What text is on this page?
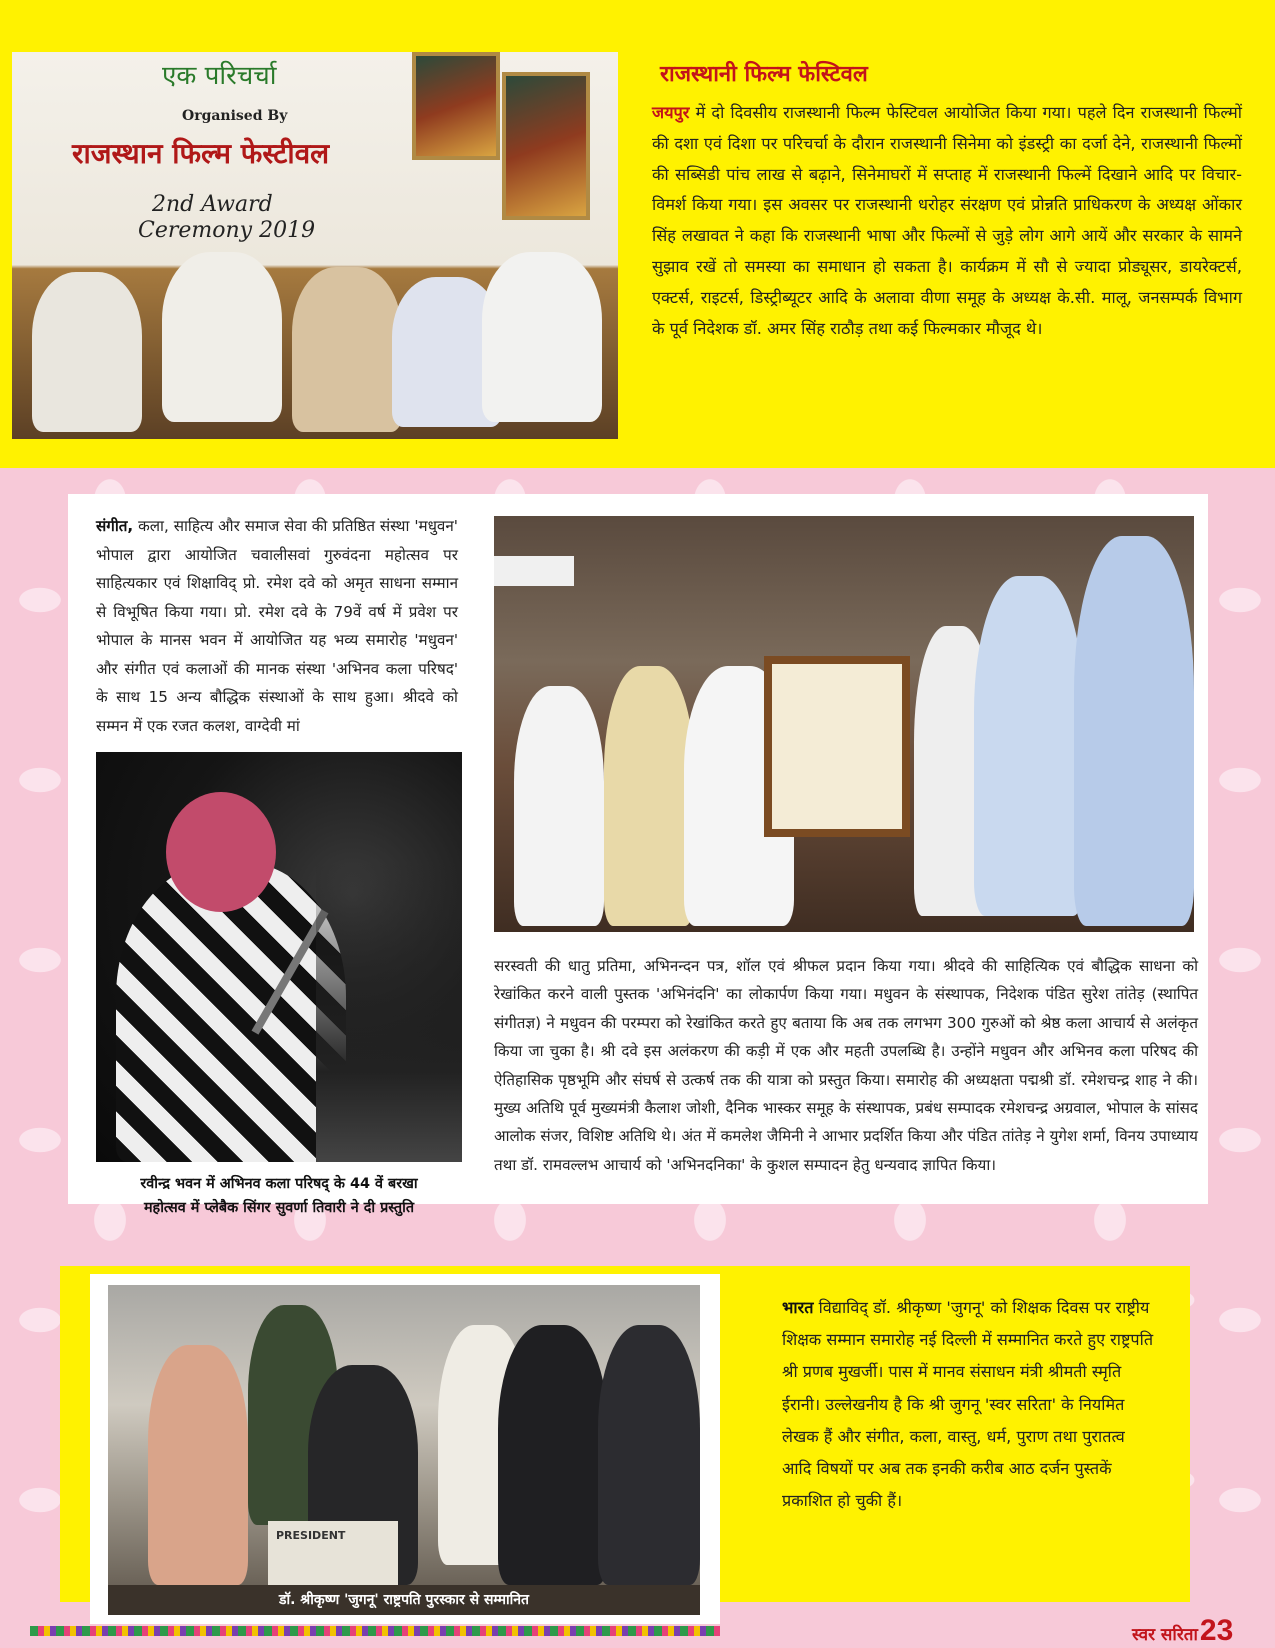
एक परिचर्चा
Organised By
राजस्थान फिल्म फेस्टीवल
2nd Award
Ceremony 2019
राजस्थानी फिल्म फेस्टिवल
जयपुर में दो दिवसीय राजस्थानी फिल्म फेस्टिवल आयोजित किया गया। पहले दिन राजस्थानी फिल्मों की दशा एवं दिशा पर परिचर्चा के दौरान राजस्थानी सिनेमा को इंडस्ट्री का दर्जा देने, राजस्थानी फिल्मों की सब्सिडी पांच लाख से बढ़ाने, सिनेमाघरों में सप्ताह में राजस्थानी फिल्में दिखाने आदि पर विचार-विमर्श किया गया। इस अवसर पर राजस्थानी धरोहर संरक्षण एवं प्रोन्नति प्राधिकरण के अध्यक्ष ओंकार सिंह लखावत ने कहा कि राजस्थानी भाषा और फिल्मों से जुड़े लोग आगे आयें और सरकार के सामने सुझाव रखें तो समस्या का समाधान हो सकता है। कार्यक्रम में सौ से ज्यादा प्रोड्यूसर, डायरेक्टर्स, एक्टर्स, राइटर्स, डिस्ट्रीब्यूटर आदि के अलावा वीणा समूह के अध्यक्ष के.सी. मालू, जनसम्पर्क विभाग के पूर्व निदेशक डॉ. अमर सिंह राठौड़ तथा कई फिल्मकार मौजूद थे।
संगीत, कला, साहित्य और समाज सेवा की प्रतिष्ठित संस्था 'मधुवन' भोपाल द्वारा आयोजित चवालीसवां गुरुवंदना महोत्सव पर साहित्यकार एवं शिक्षाविद् प्रो. रमेश दवे को अमृत साधना सम्मान से विभूषित किया गया। प्रो. रमेश दवे के 79वें वर्ष में प्रवेश पर भोपाल के मानस भवन में आयोजित यह भव्य समारोह 'मधुवन' और संगीत एवं कलाओं की मानक संस्था 'अभिनव कला परिषद' के साथ 15 अन्य बौद्धिक संस्थाओं के साथ हुआ। श्रीदवे को सम्मन में एक रजत कलश, वाग्देवी मां
रवीन्द्र भवन में अभिनव कला परिषद् के 44 वें बरखा
महोत्सव में प्लेबैक सिंगर सुवर्णा तिवारी ने दी प्रस्तुति
सरस्वती की धातु प्रतिमा, अभिनन्दन पत्र, शॉल एवं श्रीफल प्रदान किया गया। श्रीदवे की साहित्यिक एवं बौद्धिक साधना को रेखांकित करने वाली पुस्तक 'अभिनंदनि' का लोकार्पण किया गया। मधुवन के संस्थापक, निदेशक पंडित सुरेश तांतेड़ (स्थापित संगीतज्ञ) ने मधुवन की परम्परा को रेखांकित करते हुए बताया कि अब तक लगभग 300 गुरुओं को श्रेष्ठ कला आचार्य से अलंकृत किया जा चुका है। श्री दवे इस अलंकरण की कड़ी में एक और महती उपलब्धि है। उन्होंने मधुवन और अभिनव कला परिषद की ऐतिहासिक पृष्ठभूमि और संघर्ष से उत्कर्ष तक की यात्रा को प्रस्तुत किया। समारोह की अध्यक्षता पद्मश्री डॉ. रमेशचन्द्र शाह ने की। मुख्य अतिथि पूर्व मुख्यमंत्री कैलाश जोशी, दैनिक भास्कर समूह के संस्थापक, प्रबंध सम्पादक रमेशचन्द्र अग्रवाल, भोपाल के सांसद आलोक संजर, विशिष्ट अतिथि थे। अंत में कमलेश जैमिनी ने आभार प्रदर्शित किया और पंडित तांतेड़ ने युगेश शर्मा, विनय उपाध्याय तथा डॉ. रामवल्लभ आचार्य को 'अभिनदनिका' के कुशल सम्पादन हेतु धन्यवाद ज्ञापित किया।
PRESIDENT
डॉ. श्रीकृष्ण 'जुगनू' राष्ट्रपति पुरस्कार से सम्मानित
भारत विद्याविद् डॉ. श्रीकृष्ण 'जुगनू' को शिक्षक दिवस पर राष्ट्रीय शिक्षक सम्मान समारोह नई दिल्ली में सम्मानित करते हुए राष्ट्रपति श्री प्रणब मुखर्जी। पास में मानव संसाधन मंत्री श्रीमती स्मृति ईरानी। उल्लेखनीय है कि श्री जुगनू 'स्वर सरिता' के नियमित लेखक हैं और संगीत, कला, वास्तु, धर्म, पुराण तथा पुरातत्व आदि विषयों पर अब तक इनकी करीब आठ दर्जन पुस्तकें प्रकाशित हो चुकी हैं।
स्वर सरिता23
